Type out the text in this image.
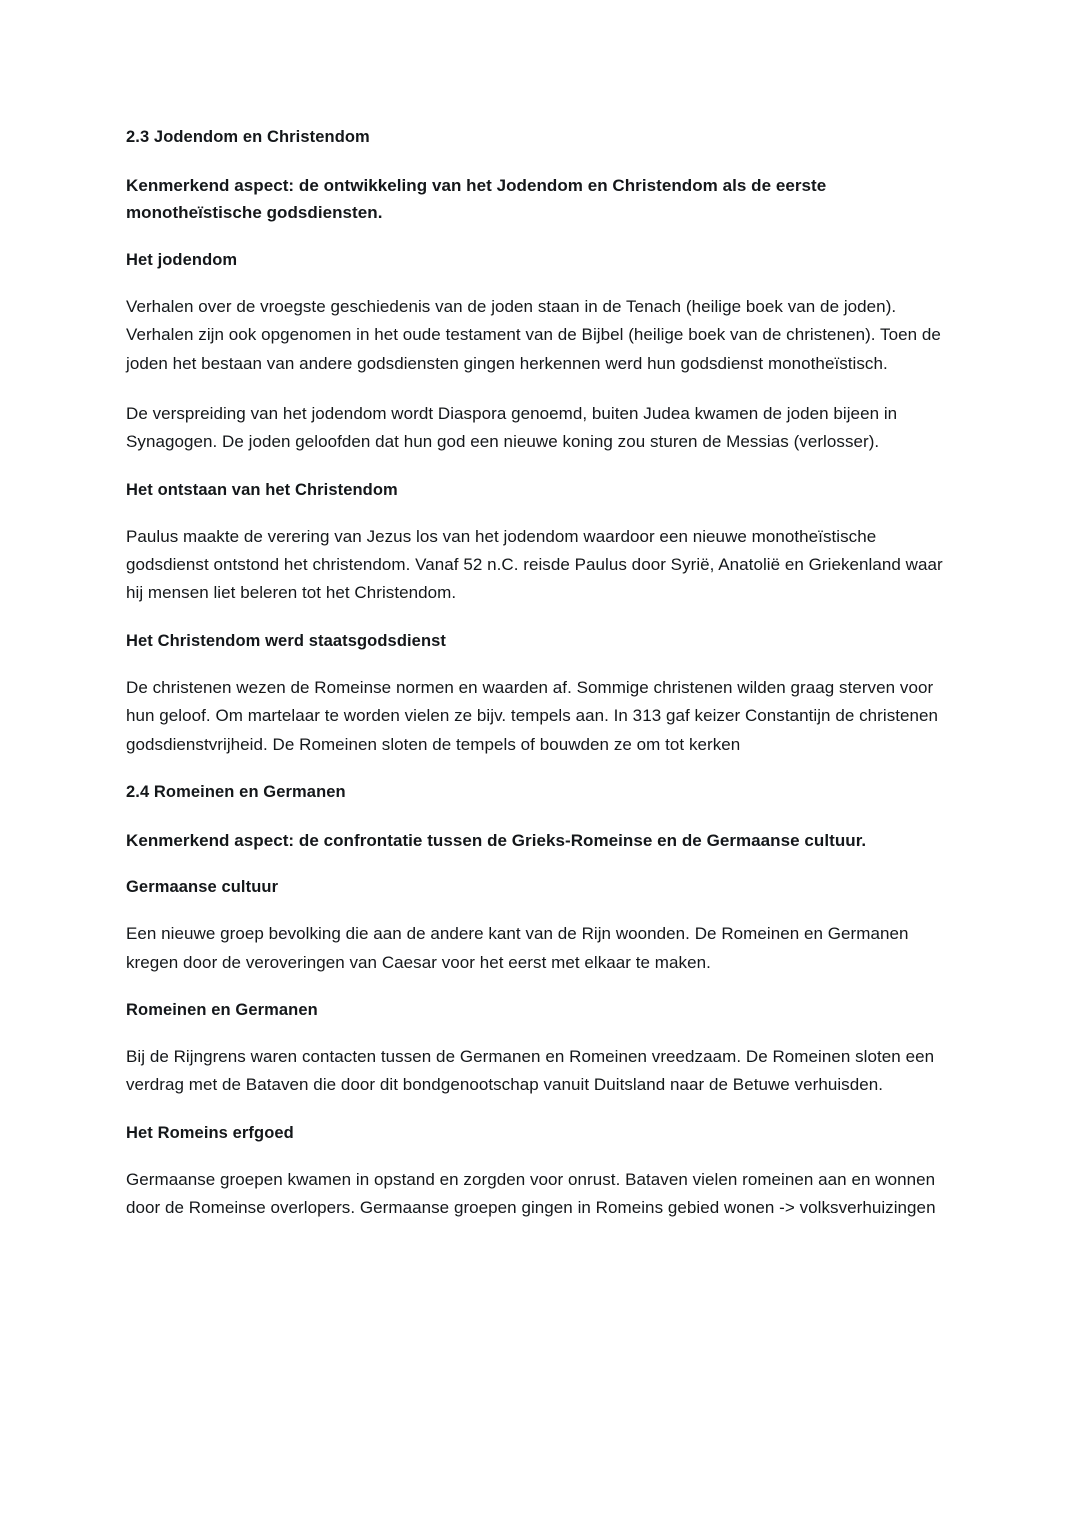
2.3 Jodendom en Christendom

Kenmerkend aspect: de ontwikkeling van het Jodendom en Christendom als de eerste monotheïstische godsdiensten.

Het jodendom

Verhalen over de vroegste geschiedenis van de joden staan in de Tenach (heilige boek van de joden). Verhalen zijn ook opgenomen in het oude testament van de Bijbel (heilige boek van de christenen). Toen de joden het bestaan van andere godsdiensten gingen herkennen werd hun godsdienst monotheïstisch.

De verspreiding van het jodendom wordt Diaspora genoemd, buiten Judea kwamen de joden bijeen in Synagogen. De joden geloofden dat hun god een nieuwe koning zou sturen de Messias (verlosser).

Het ontstaan van het Christendom

Paulus maakte de verering van Jezus los van het jodendom waardoor een nieuwe monotheïstische godsdienst ontstond het christendom. Vanaf 52 n.C. reisde Paulus door Syrië, Anatolië en Griekenland waar hij mensen liet beleren tot het Christendom.

Het Christendom werd staatsgodsdienst

De christenen wezen de Romeinse normen en waarden af. Sommige christenen wilden graag sterven voor hun geloof. Om martelaar te worden vielen ze bijv. tempels aan. In 313 gaf keizer Constantijn de christenen godsdienstvrijheid. De Romeinen sloten de tempels of bouwden ze om tot kerken

2.4 Romeinen en Germanen

Kenmerkend aspect: de confrontatie tussen de Grieks-Romeinse en de Germaanse cultuur.

Germaanse cultuur

Een nieuwe groep bevolking die aan de andere kant van de Rijn woonden. De Romeinen en Germanen kregen door de veroveringen van Caesar voor het eerst met elkaar te maken.

Romeinen en Germanen

Bij de Rijngrens waren contacten tussen de Germanen en Romeinen vreedzaam. De Romeinen sloten een verdrag met de Bataven die door dit bondgenootschap vanuit Duitsland naar de Betuwe verhuisden.

Het Romeins erfgoed

Germaanse groepen kwamen in opstand en zorgden voor onrust. Bataven vielen romeinen aan en wonnen door de Romeinse overlopers. Germaanse groepen gingen in Romeins gebied wonen -> volksverhuizingen
